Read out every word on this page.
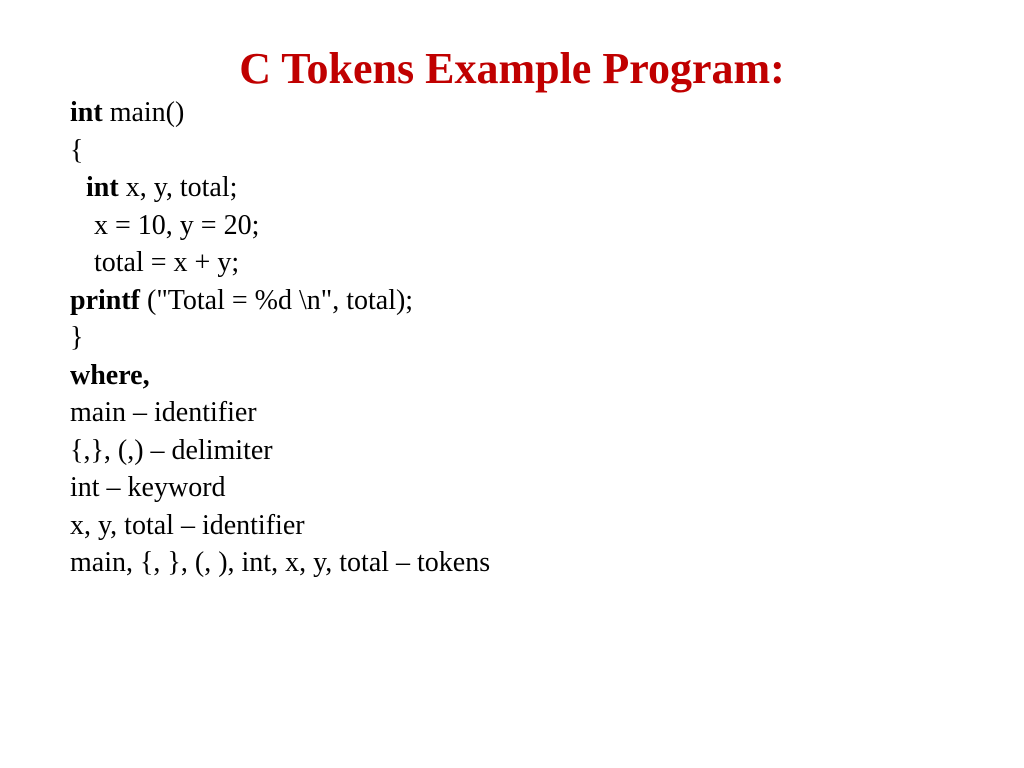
C Tokens Example Program:
int main()
{
int x, y, total;
x = 10, y = 20;
total = x + y;
printf ("Total = %d \n", total);
}
where,
main – identifier
{,}, (,) – delimiter
int – keyword
x, y, total – identifier
main, {, }, (, ), int, x, y, total – tokens
